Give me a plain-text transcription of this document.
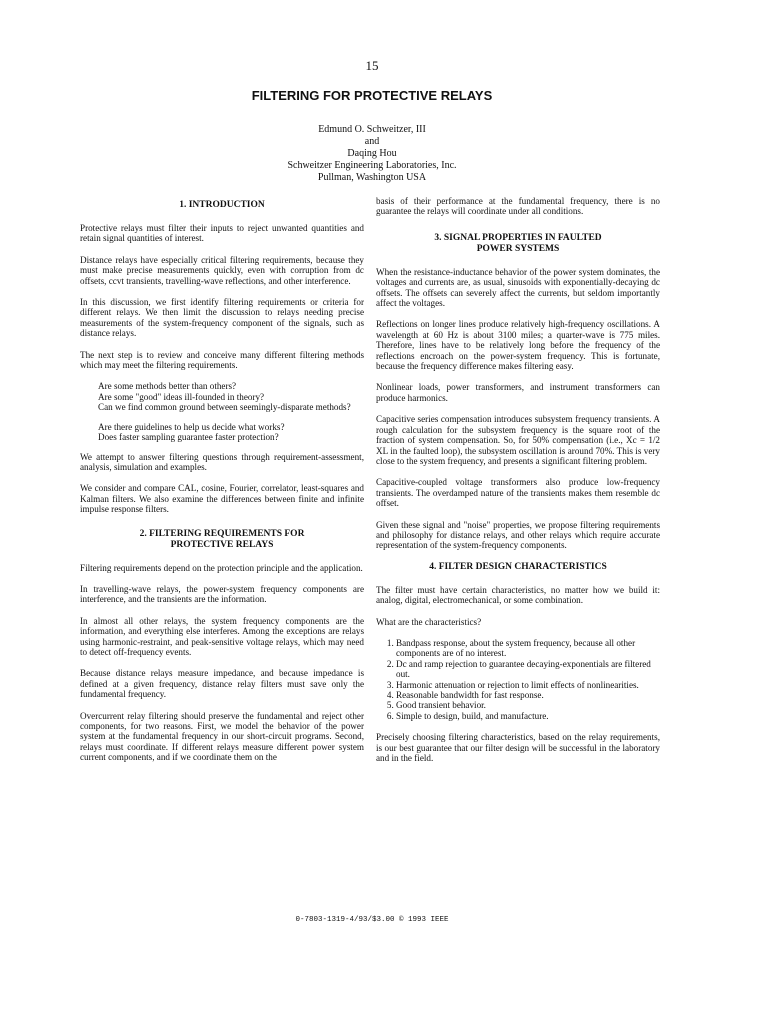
15
FILTERING FOR PROTECTIVE RELAYS
Edmund O. Schweitzer, III
and
Daqing Hou
Schweitzer Engineering Laboratories, Inc.
Pullman, Washington USA
1. INTRODUCTION

Protective relays must filter their inputs to reject unwanted quantities and retain signal quantities of interest.

Distance relays have especially critical filtering requirements, because they must make precise measurements quickly, even with corruption from dc offsets, ccvt transients, travelling-wave reflections, and other interference.

In this discussion, we first identify filtering requirements or criteria for different relays. We then limit the discussion to relays needing precise measurements of the system-frequency component of the signals, such as distance relays.

The next step is to review and conceive many different filtering methods which may meet the filtering requirements.

Are some methods better than others?
Are some "good" ideas ill-founded in theory?
Can we find common ground between seemingly-disparate methods?
Are there guidelines to help us decide what works?
Does faster sampling guarantee faster protection?

We attempt to answer filtering questions through requirement-assessment, analysis, simulation and examples.

We consider and compare CAL, cosine, Fourier, correlator, least-squares and Kalman filters. We also examine the differences between finite and infinite impulse response filters.

2. FILTERING REQUIREMENTS FOR
PROTECTIVE RELAYS

Filtering requirements depend on the protection principle and the application.

In travelling-wave relays, the power-system frequency components are interference, and the transients are the information.

In almost all other relays, the system frequency components are the information, and everything else interferes. Among the exceptions are relays using harmonic-restraint, and peak-sensitive voltage relays, which may need to detect off-frequency events.

Because distance relays measure impedance, and because impedance is defined at a given frequency, distance relay filters must save only the fundamental frequency.

Overcurrent relay filtering should preserve the fundamental and reject other components, for two reasons. First, we model the behavior of the power system at the fundamental frequency in our short-circuit programs. Second, relays must coordinate. If different relays measure different power system current components, and if we coordinate them on the

basis of their performance at the fundamental frequency, there is no guarantee the relays will coordinate under all conditions.

3. SIGNAL PROPERTIES IN FAULTED
POWER SYSTEMS

When the resistance-inductance behavior of the power system dominates, the voltages and currents are, as usual, sinusoids with exponentially-decaying dc offsets. The offsets can severely affect the currents, but seldom importantly affect the voltages.

Reflections on longer lines produce relatively high-frequency oscillations. A wavelength at 60 Hz is about 3100 miles; a quarter-wave is 775 miles. Therefore, lines have to be relatively long before the frequency of the reflections encroach on the power-system frequency. This is fortunate, because the frequency difference makes filtering easy.

Nonlinear loads, power transformers, and instrument transformers can produce harmonics.

Capacitive series compensation introduces subsystem frequency transients. A rough calculation for the subsystem frequency is the square root of the fraction of system compensation. So, for 50% compensation (i.e., Xc = 1/2 XL in the faulted loop), the subsystem oscillation is around 70%. This is very close to the system frequency, and presents a significant filtering problem.

Capacitive-coupled voltage transformers also produce low-frequency transients. The overdamped nature of the transients makes them resemble dc offset.

Given these signal and "noise" properties, we propose filtering requirements and philosophy for distance relays, and other relays which require accurate representation of the system-frequency components.

4. FILTER DESIGN CHARACTERISTICS

The filter must have certain characteristics, no matter how we build it: analog, digital, electromechanical, or some combination.

What are the characteristics?

1. Bandpass response, about the system frequency, because all other components are of no interest.
2. Dc and ramp rejection to guarantee decaying-exponentials are filtered out.
3. Harmonic attenuation or rejection to limit effects of nonlinearities.
4. Reasonable bandwidth for fast response.
5. Good transient behavior.
6. Simple to design, build, and manufacture.

Precisely choosing filtering characteristics, based on the relay requirements, is our best guarantee that our filter design will be successful in the laboratory and in the field.

0-7803-1319-4/93/$3.00 © 1993 IEEE
